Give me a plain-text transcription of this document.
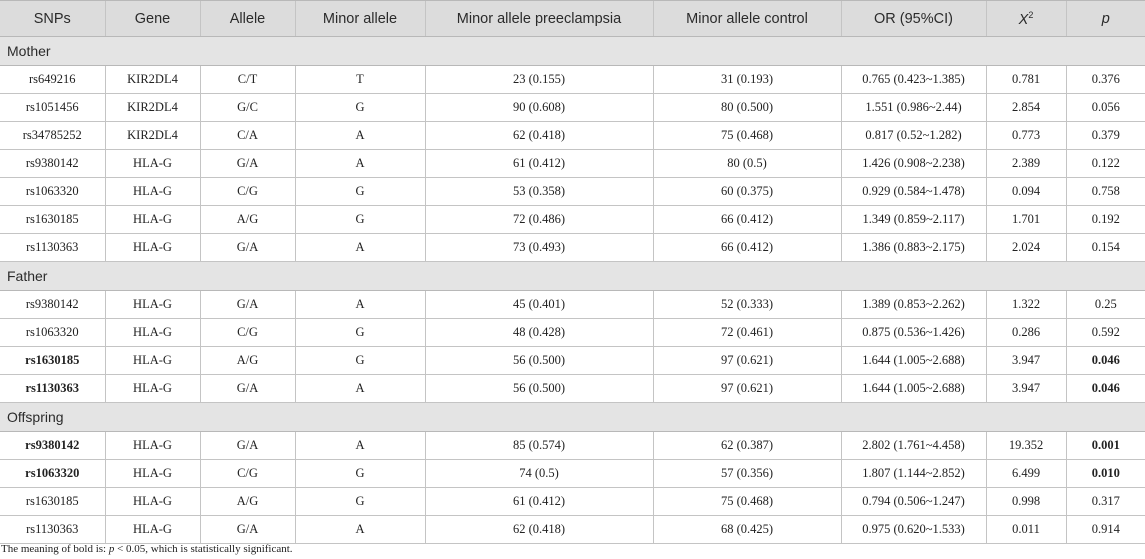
SNPs	Gene	Allele	Minor allele	Minor allele preeclampsia	Minor allele control	OR (95%CI)	$X^2$	p
Mother								
rs649216	KIR2DL4	C/T	T	23 (0.155)	31 (0.193)	0.765 (0.423~1.385)	0.781	0.376
rs1051456	KIR2DL4	G/C	G	90 (0.608)	80 (0.500)	1.551 (0.986~2.44)	2.854	0.056
rs34785252	KIR2DL4	C/A	A	62 (0.418)	75 (0.468)	0.817 (0.52~1.282)	0.773	0.379
rs9380142	HLA-G	G/A	A	61 (0.412)	80 (0.5)	1.426 (0.908~2.238)	2.389	0.122
rs1063320	HLA-G	C/G	G	53 (0.358)	60 (0.375)	0.929 (0.584~1.478)	0.094	0.758
rs1630185	HLA-G	A/G	G	72 (0.486)	66 (0.412)	1.349 (0.859~2.117)	1.701	0.192
rs1130363	HLA-G	G/A	A	73 (0.493)	66 (0.412)	1.386 (0.883~2.175)	2.024	0.154
Father								
rs9380142	HLA-G	G/A	A	45 (0.401)	52 (0.333)	1.389 (0.853~2.262)	1.322	0.25
rs1063320	HLA-G	C/G	G	48 (0.428)	72 (0.461)	0.875 (0.536~1.426)	0.286	0.592
rs1630185	HLA-G	A/G	G	56 (0.500)	97 (0.621)	1.644 (1.005~2.688)	3.947	0.046
rs1130363	HLA-G	G/A	A	56 (0.500)	97 (0.621)	1.644 (1.005~2.688)	3.947	0.046
Offspring								
rs9380142	HLA-G	G/A	A	85 (0.574)	62 (0.387)	2.802 (1.761~4.458)	19.352	0.001
rs1063320	HLA-G	C/G	G	74 (0.5)	57 (0.356)	1.807 (1.144~2.852)	6.499	0.010
rs1630185	HLA-G	A/G	G	61 (0.412)	75 (0.468)	0.794 (0.506~1.247)	0.998	0.317
rs1130363	HLA-G	G/A	A	62 (0.418)	68 (0.425)	0.975 (0.620~1.533)	0.011	0.914
The meaning of bold is: p < 0.05, which is statistically significant.
